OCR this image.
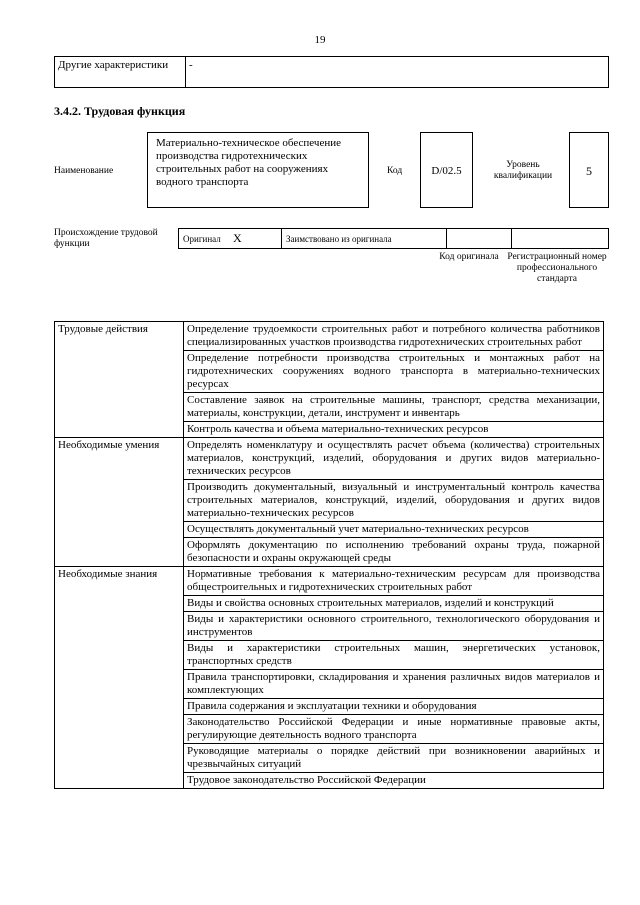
19
Другие характеристики	-
3.4.2. Трудовая функция
Наименование
Материально-техническое обеспечение производства гидротехнических строительных работ на сооружениях водного транспорта
Код	D/02.5	Уровень квалификации	5
Происхождение трудовой функции	Оригинал X	Заимствовано из оригинала		
Код оригинала Регистрационный номер профессионального стандарта
Трудовые действия	Определение трудоемкости строительных работ и потребного количества работников специализированных участков производства гидротехнических строительных работ
	Определение потребности производства строительных и монтажных работ на гидротехнических сооружениях водного транспорта в материально-технических ресурсах
	Составление заявок на строительные машины, транспорт, средства механизации, материалы, конструкции, детали, инструмент и инвентарь
	Контроль качества и объема материально-технических ресурсов
Необходимые умения	Определять номенклатуру и осуществлять расчет объема (количества) строительных материалов, конструкций, изделий, оборудования и других видов материально-технических ресурсов
	Производить документальный, визуальный и инструментальный контроль качества строительных материалов, конструкций, изделий, оборудования и других видов материально-технических ресурсов
	Осуществлять документальный учет материально-технических ресурсов
	Оформлять документацию по исполнению требований охраны труда, пожарной безопасности и охраны окружающей среды
Необходимые знания	Нормативные требования к материально-техническим ресурсам для производства общестроительных и гидротехнических строительных работ
	Виды и свойства основных строительных материалов, изделий и конструкций
	Виды и характеристики основного строительного, технологического оборудования и инструментов
	Виды и характеристики строительных машин, энергетических установок, транспортных средств
	Правила транспортировки, складирования и хранения различных видов материалов и комплектующих
	Правила содержания и эксплуатации техники и оборудования
	Законодательство Российской Федерации и иные нормативные правовые акты, регулирующие деятельность водного транспорта
	Руководящие материалы о порядке действий при возникновении аварийных и чрезвычайных ситуаций
	Трудовое законодательство Российской Федерации
